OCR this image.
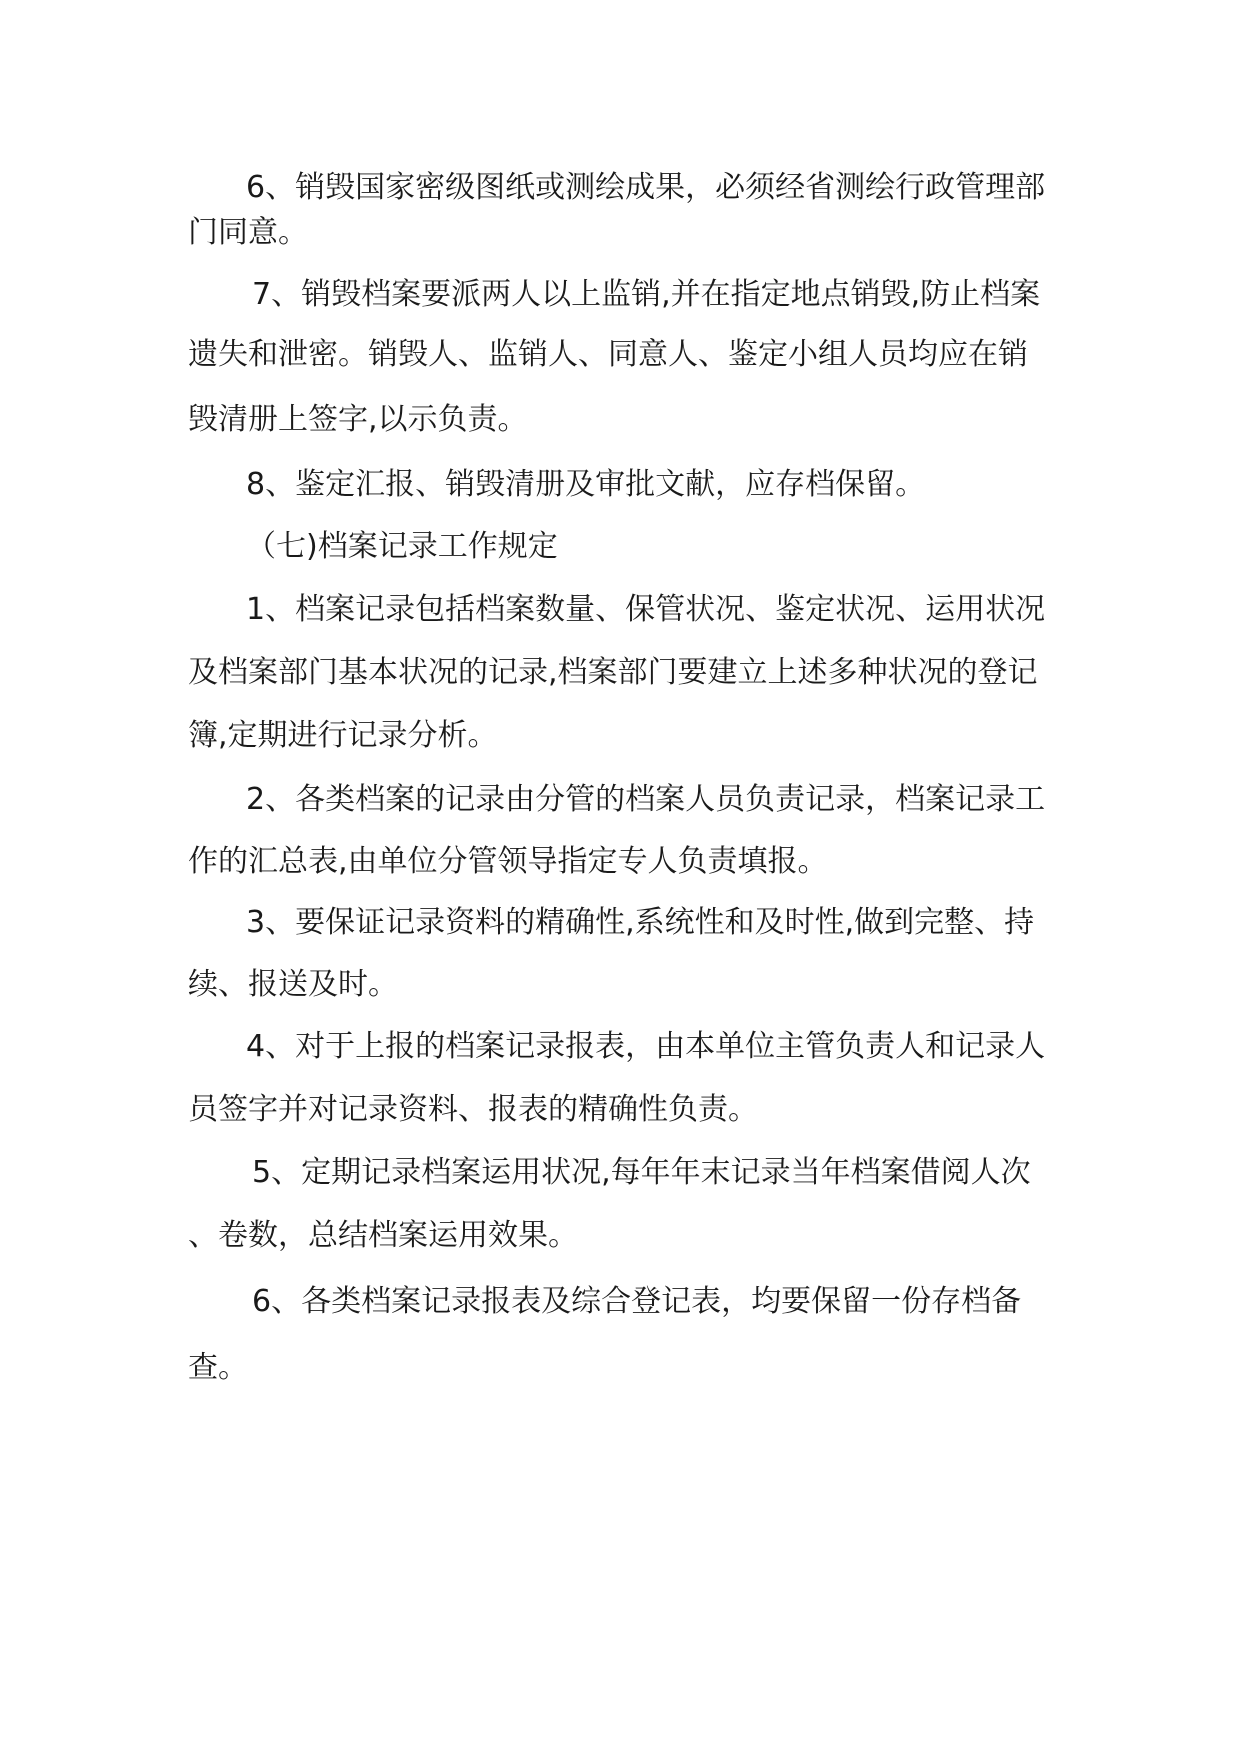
6、销毁国家密级图纸或测绘成果，必须经省测绘行政管理部
门同意。
7、销毁档案要派两人以上监销,并在指定地点销毁,防止档案
遗失和泄密。销毁人、监销人、同意人、鉴定小组人员均应在销
毁清册上签字,以示负责。
8、鉴定汇报、销毁清册及审批文献，应存档保留。
（七)档案记录工作规定
1、档案记录包括档案数量、保管状况、鉴定状况、运用状况
及档案部门基本状况的记录,档案部门要建立上述多种状况的登记
簿,定期进行记录分析。
2、各类档案的记录由分管的档案人员负责记录，档案记录工
作的汇总表,由单位分管领导指定专人负责填报。
3、要保证记录资料的精确性,系统性和及时性,做到完整、持
续、报送及时。
4、对于上报的档案记录报表，由本单位主管负责人和记录人
员签字并对记录资料、报表的精确性负责。
5、定期记录档案运用状况,每年年末记录当年档案借阅人次
、卷数，总结档案运用效果。
6、各类档案记录报表及综合登记表，均要保留一份存档备
查。
